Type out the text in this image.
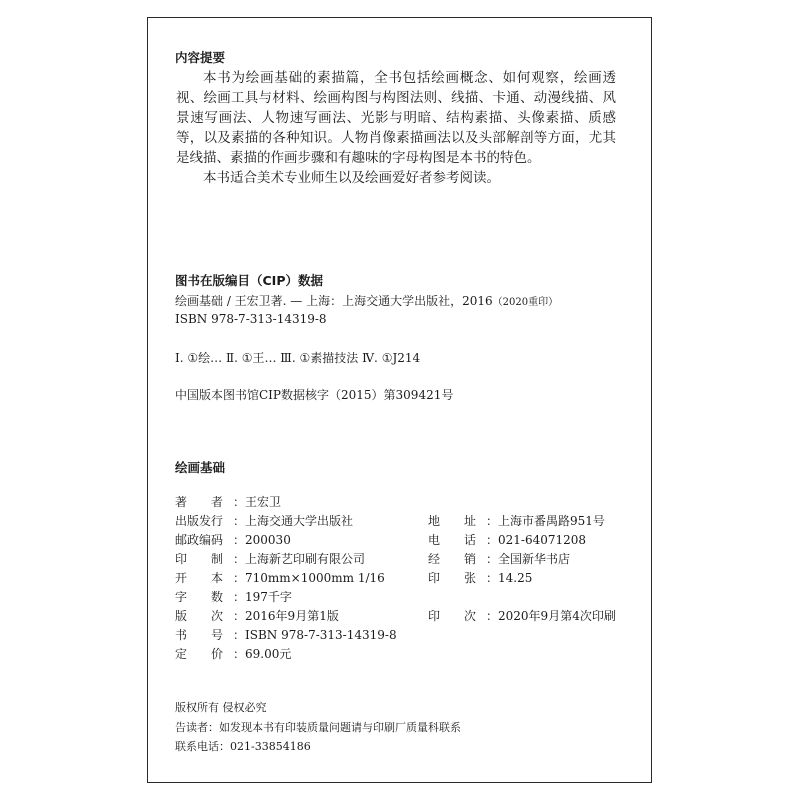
内容提要

本书为绘画基础的素描篇，全书包括绘画概念、如何观察，绘画透视、绘画工具与材料、绘画构图与构图法则、线描、卡通、动漫线描、风景速写画法、人物速写画法、光影与明暗、结构素描、头像素描、质感等，以及素描的各种知识。人物肖像素描画法以及头部解剖等方面，尤其是线描、素描的作画步骤和有趣味的字母构图是本书的特色。

本书适合美术专业师生以及绘画爱好者参考阅读。

图书在版编目（CIP）数据
绘画基础 / 王宏卫著. — 上海：上海交通大学出版社，2016（2020重印）
ISBN 978-7-313-14319-8
Ⅰ. ①绘… Ⅱ. ①王… Ⅲ. ①素描技法 Ⅳ. ①J214
中国版本图书馆CIP数据核字（2015）第309421号
绘画基础
著者 ：王宏卫
出版发行 ：上海交通大学出版社
邮政编码 ：200030
印制 ：上海新艺印刷有限公司
开本 ：710mm×1000mm 1/16
字数 ：197千字
版次 ：2016年9月第1版
书号 ：ISBN 978-7-313-14319-8
定价 ：69.00元
地址 ：上海市番禺路951号
电话 ：021-64071208
经销 ：全国新华书店
印张 ：14.25
印次 ：2020年9月第4次印刷
版权所有 侵权必究
告读者：如发现本书有印装质量问题请与印刷厂质量科联系
联系电话：021-33854186
